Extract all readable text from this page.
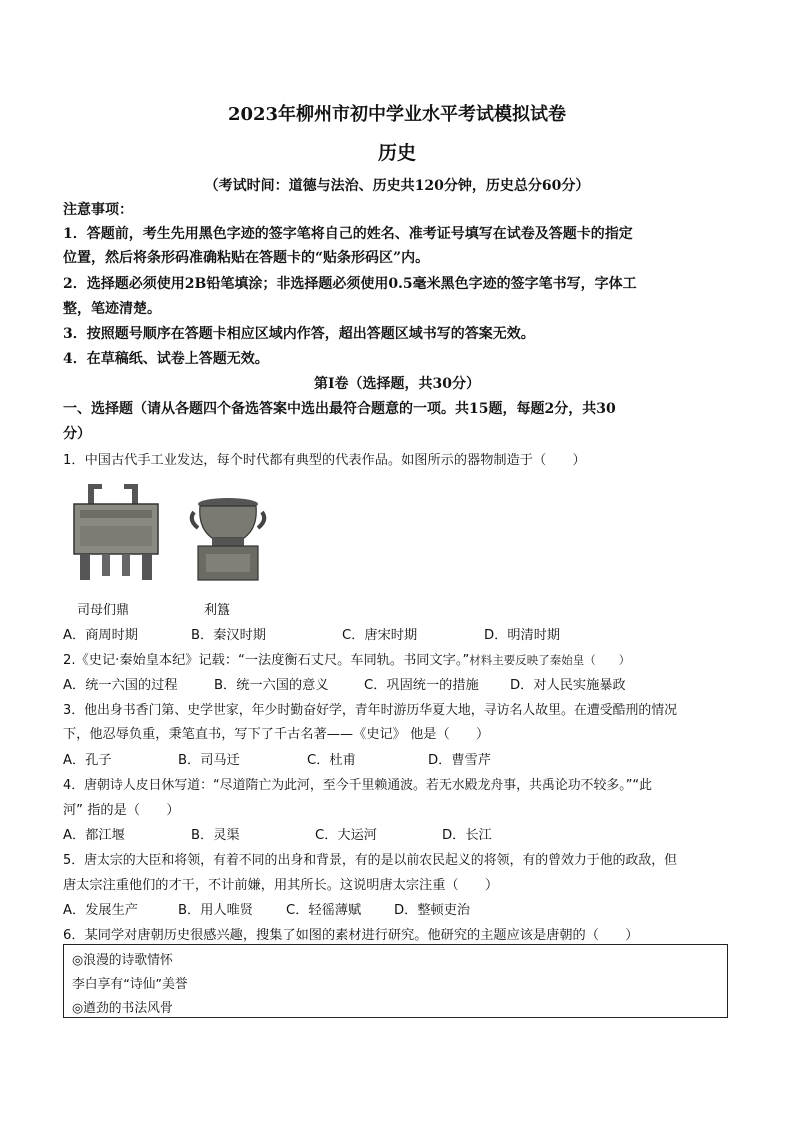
2023年柳州市初中学业水平考试模拟试卷
历史
（考试时间：道德与法治、历史共120分钟，历史总分60分）
注意事项：
1．答题前，考生先用黑色字迹的签字笔将自己的姓名、准考证号填写在试卷及答题卡的指定
位置，然后将条形码准确粘贴在答题卡的“贴条形码区”内。
2．选择题必须使用2B铅笔填涂；非选择题必须使用0.5毫米黑色字迹的签字笔书写，字体工
整，笔迹清楚。
3．按照题号顺序在答题卡相应区域内作答，超出答题区域书写的答案无效。
4．在草稿纸、试卷上答题无效。
第Ⅰ卷（选择题，共30分）
一、选择题（请从各题四个备选答案中选出最符合题意的一项。共15题，每题2分，共30
分）
1．中国古代手工业发达，每个时代都有典型的代表作品。如图所示的器物制造于（　　）
司母们鼎	利簋
A．商周时期	B．秦汉时期	C．唐宋时期	D．明清时期
2.《史记·秦始皇本纪》记载：“一法度衡石丈尺。车同轨。书同文字。”材料主要反映了秦始皇（　　）
A．统一六国的过程	B．统一六国的意义	C．巩固统一的措施 D．对人民实施暴政
3．他出身书香门第、史学世家，年少时勤奋好学，青年时游历华夏大地，寻访名人故里。在遭受酷刑的情况
下，他忍辱负重，秉笔直书，写下了千古名著——《史记》 他是（　　）
A．孔子	B．司马迁	C．杜甫	D．曹雪芹
4．唐朝诗人皮日休写道：“尽道隋亡为此河，至今千里赖通波。若无水殿龙舟事，共禹论功不较多。”“此
河” 指的是（　　）
A．都江堰	B．灵渠	C．大运河	D．长江
5．唐太宗的大臣和将领，有着不同的出身和背景，有的是以前农民起义的将领，有的曾效力于他的政敌，但
唐太宗注重他们的才干，不计前嫌，用其所长。这说明唐太宗注重（　　）
A．发展生产	B．用人唯贤	C．轻徭薄赋 D．整顿吏治
6．某同学对唐朝历史很感兴趣，搜集了如图的素材进行研究。他研究的主题应该是唐朝的（　　）
◎浪漫的诗歌情怀
李白享有“诗仙”美誉
◎遒劲的书法风骨
